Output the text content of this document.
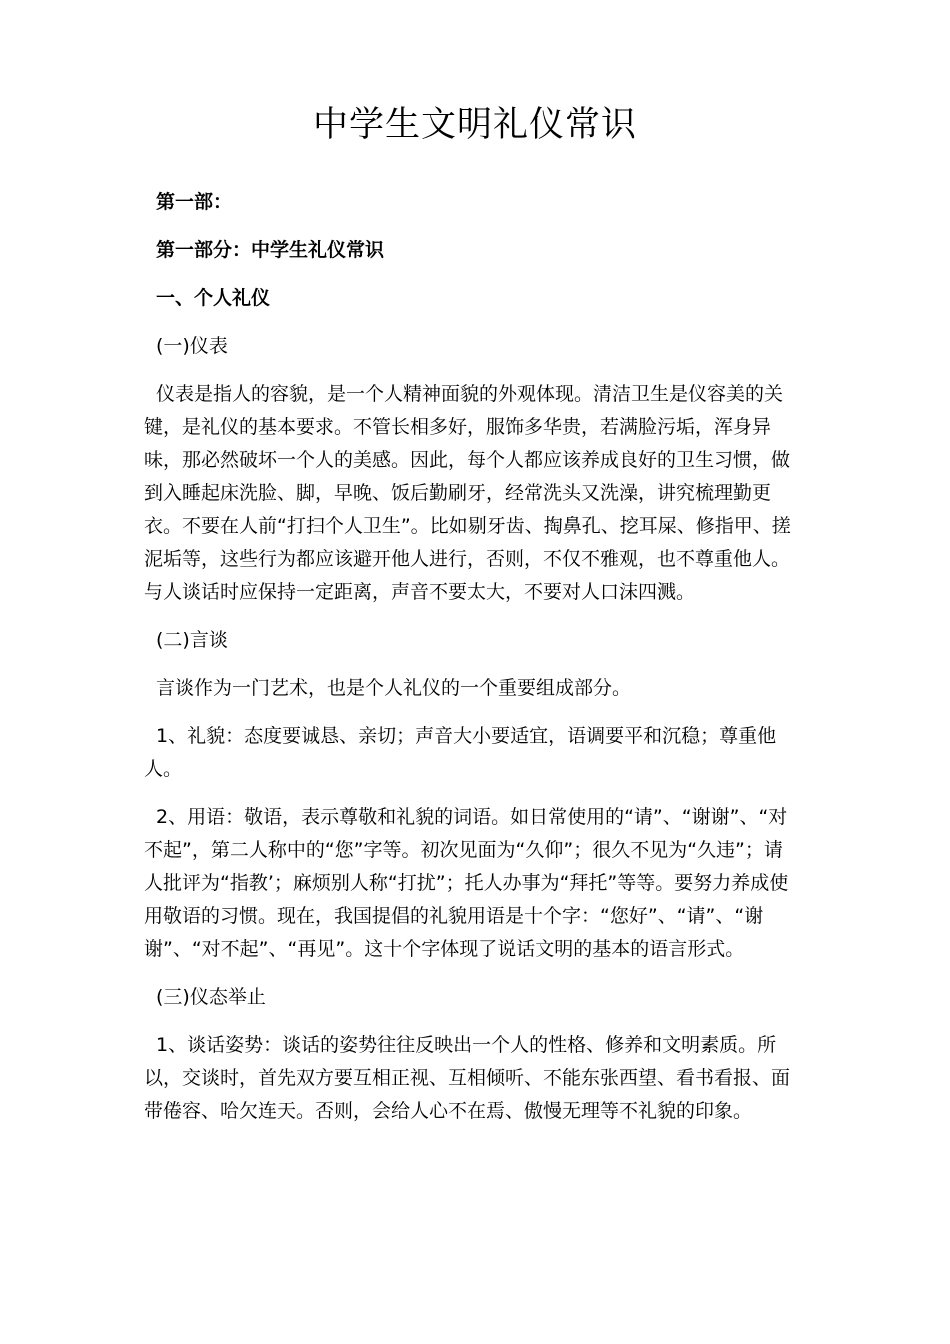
中学生文明礼仪常识

第一部：

第一部分：中学生礼仪常识

一、个人礼仪

(一)仪表

仪表是指人的容貌，是一个人精神面貌的外观体现。清洁卫生是仪容美的关键，是礼仪的基本要求。不管长相多好，服饰多华贵，若满脸污垢，浑身异味，那必然破坏一个人的美感。因此，每个人都应该养成良好的卫生习惯，做到入睡起床洗脸、脚，早晚、饭后勤刷牙，经常洗头又洗澡，讲究梳理勤更衣。不要在人前“打扫个人卫生”。比如剔牙齿、掏鼻孔、挖耳屎、修指甲、搓泥垢等，这些行为都应该避开他人进行，否则，不仅不雅观，也不尊重他人。与人谈话时应保持一定距离，声音不要太大，不要对人口沫四溅。

(二)言谈

言谈作为一门艺术，也是个人礼仪的一个重要组成部分。

1、礼貌：态度要诚恳、亲切；声音大小要适宜，语调要平和沉稳；尊重他人。

2、用语：敬语，表示尊敬和礼貌的词语。如日常使用的“请”、“谢谢”、“对不起”，第二人称中的“您”字等。初次见面为“久仰”；很久不见为“久违”；请人批评为“指教’；麻烦别人称“打扰”；托人办事为“拜托”等等。要努力养成使用敬语的习惯。现在，我国提倡的礼貌用语是十个字：“您好”、“请”、“谢谢”、“对不起”、“再见”。这十个字体现了说话文明的基本的语言形式。

(三)仪态举止

1、谈话姿势：谈话的姿势往往反映出一个人的性格、修养和文明素质。所以，交谈时，首先双方要互相正视、互相倾听、不能东张西望、看书看报、面带倦容、哈欠连天。否则，会给人心不在焉、傲慢无理等不礼貌的印象。
